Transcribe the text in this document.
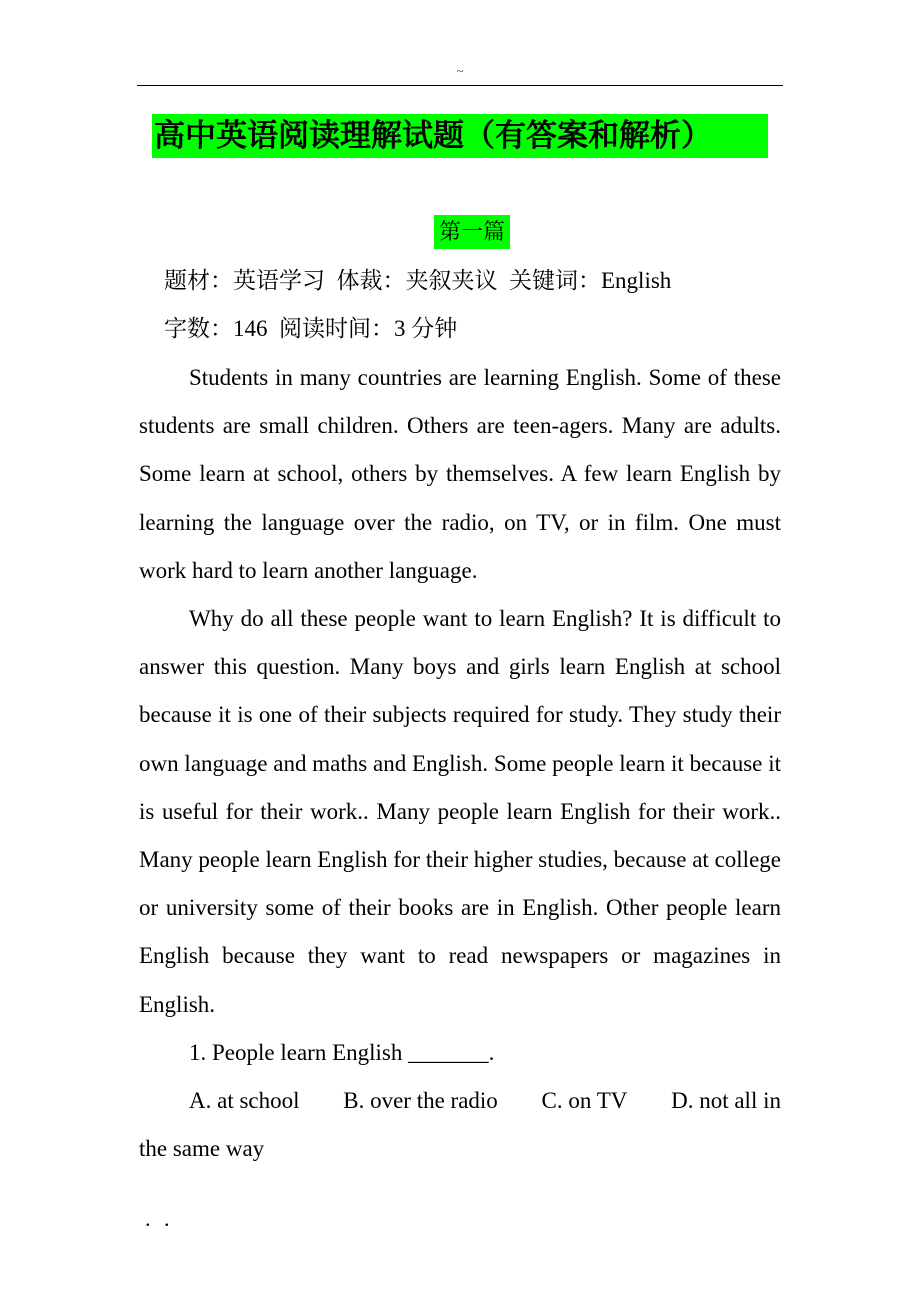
~
高中英语阅读理解试题（有答案和解析）
第一篇
题材：英语学习  体裁：夹叙夹议  关键词：English
字数：146  阅读时间：3 分钟

Students in many countries are learning English. Some of these students are small children. Others are teen-agers. Many are adults. Some learn at school, others by themselves. A few learn English by learning the language over the radio, on TV, or in film. One must work hard to learn another language.

Why do all these people want to learn English? It is difficult to answer this question. Many boys and girls learn English at school because it is one of their subjects required for study. They study their own language and maths and English. Some people learn it because it is useful for their work.. Many people learn English for their work.. Many people learn English for their higher studies, because at college or university some of their books are in English. Other people learn English because they want to read newspapers or magazines in English.

1. People learn English _______.
A. at school B. over the radio C. on TV D. not all in
the same way
. .
